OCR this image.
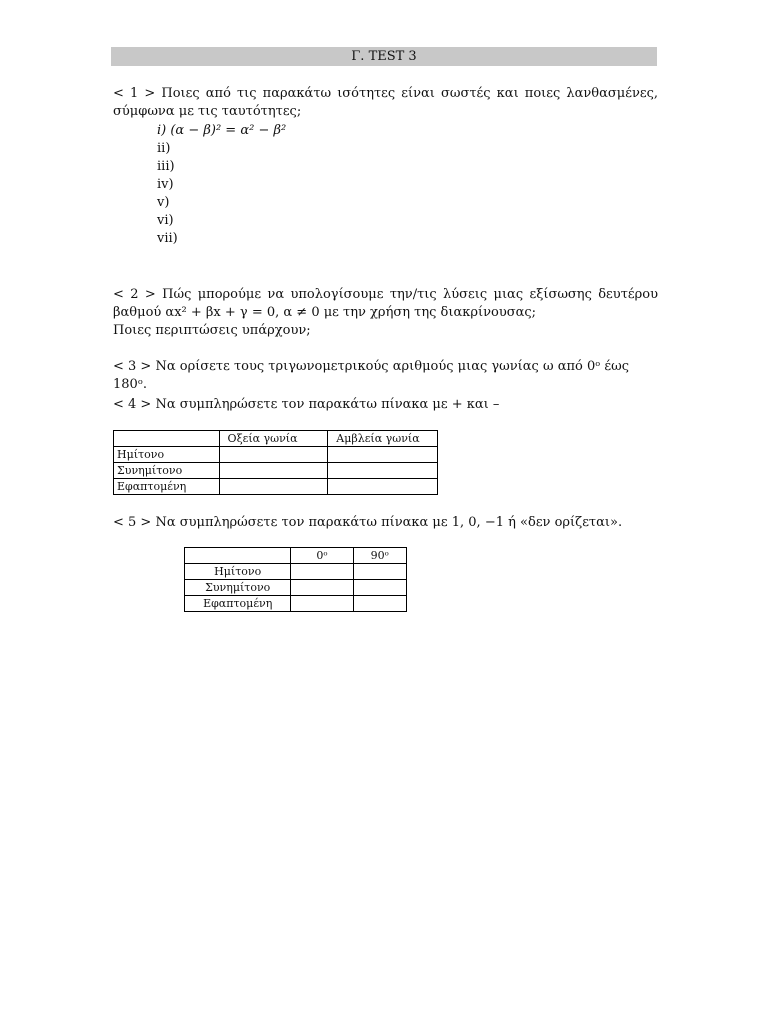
Γ. TEST 3
< 1 > Ποιες από τις παρακάτω ισότητες είναι σωστές και ποιες λανθασμένες,
σύμφωνα με τις ταυτότητες;
i) (α − β)² = α² − β²
ii)
iii)
iv)
v)
vi)
vii)
< 2 > Πώς μπορούμε να υπολογίσουμε την/τις λύσεις μιας εξίσωσης δευτέρου
βαθμού αx² + βx + γ = 0, α ≠ 0 με την χρήση της διακρίνουσας;
Ποιες περιπτώσεις υπάρχουν;
< 3 > Να ορίσετε τους τριγωνομετρικούς αριθμούς μιας γωνίας ω από 0ᵒ έως 180ᵒ.
< 4 > Να συμπληρώσετε τον παρακάτω πίνακα με + και –
	Οξεία γωνία	Αμβλεία γωνία
Ημίτονο		
Συνημίτονο		
Εφαπτομένη		
< 5 > Να συμπληρώσετε τον παρακάτω πίνακα με 1, 0, −1 ή «δεν ορίζεται».
	0ᵒ	90ᵒ
Ημίτονο		
Συνημίτονο		
Εφαπτομένη		
